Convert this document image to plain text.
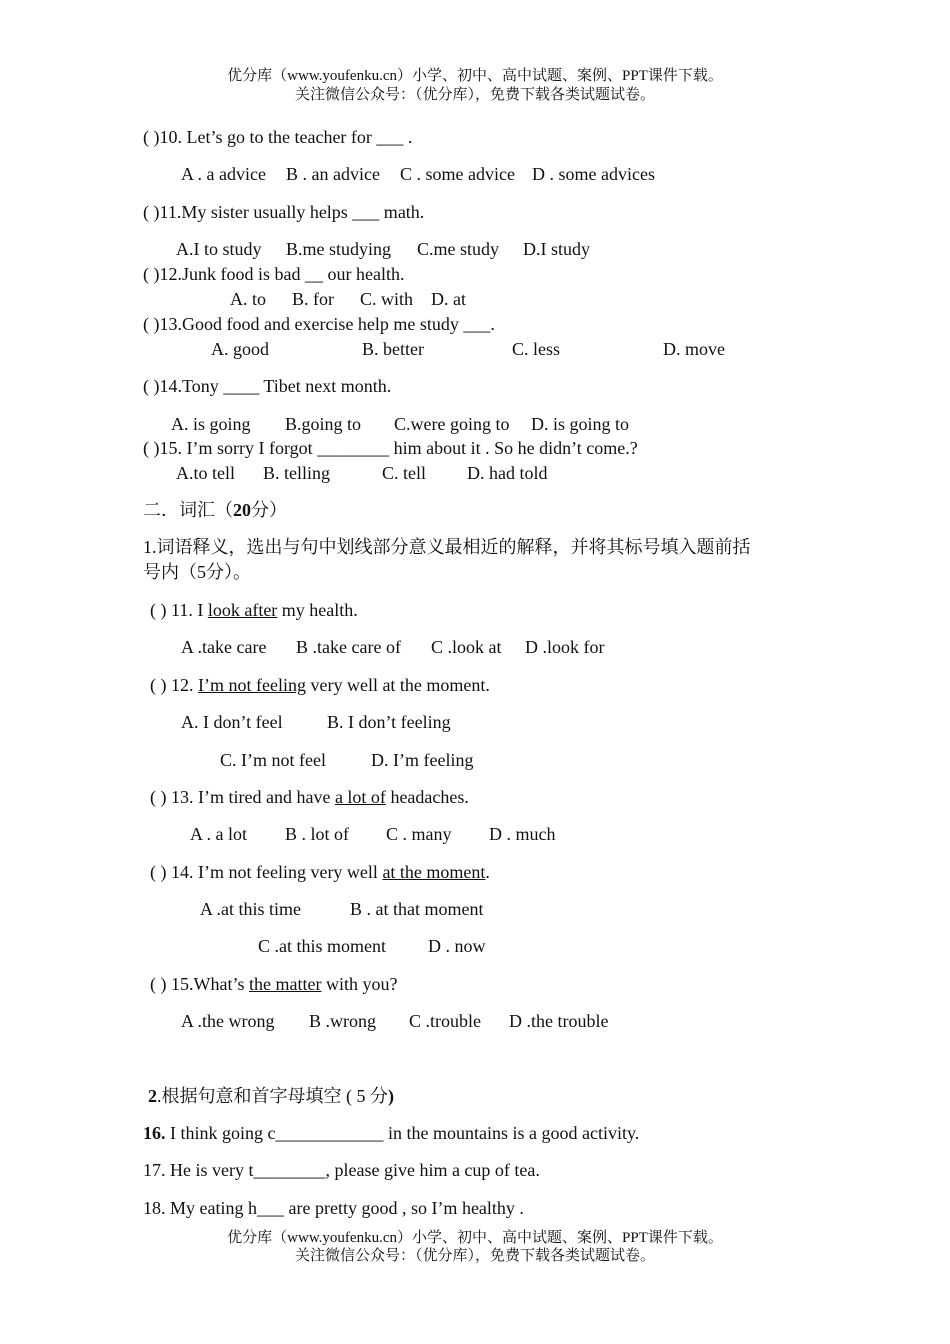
优分库（www.youfenku.cn）小学、初中、高中试题、案例、PPT课件下载。
关注微信公众号：（优分库），免费下载各类试题试卷。
( )10. Let’s go to the teacher for ___ .
A . a advice B . an advice C . some advice D . some advices
( )11.My sister usually helps ___ math.
A.I to study B.me studying C.me study D.I study
( )12.Junk food is bad __ our health.
A. to B. for C. with D. at
( )13.Good food and exercise help me study ___.
A. good	B. better	C. less	D. move
( )14.Tony ____ Tibet next month.
A. is going B.going to C.were going to D. is going to
( )15. I’m sorry I forgot ________ him about it . So he didn’t come.?
A.to tell B. telling	C. tell D. had told
二．词汇（20分）
1.词语释义，选出与句中划线部分意义最相近的解释，并将其标号填入题前括
号内（5分）。
( ) 11. I look after my health.
A .take care B .take care of C .look at D .look for
( ) 12. I’m not feeling very well at the moment.
A. I don’t feel B. I don’t feeling
C. I’m not feel	D. I’m feeling
( ) 13. I’m tired and have a lot of headaches.
A . a lot B . lot of C . many D . much
( ) 14. I’m not feeling very well at the moment.
A .at this time	B . at that moment
C .at this moment D . now
( ) 15.What’s the matter with you?
A .the wrong B .wrong C .trouble D .the trouble
2.根据句意和首字母填空 ( 5 分)
16. I think going c____________ in the mountains is a good activity.
17. He is very t________, please give him a cup of tea.
18. My eating h___ are pretty good , so I’m healthy .
优分库（www.youfenku.cn）小学、初中、高中试题、案例、PPT课件下载。
关注微信公众号：（优分库），免费下载各类试题试卷。
